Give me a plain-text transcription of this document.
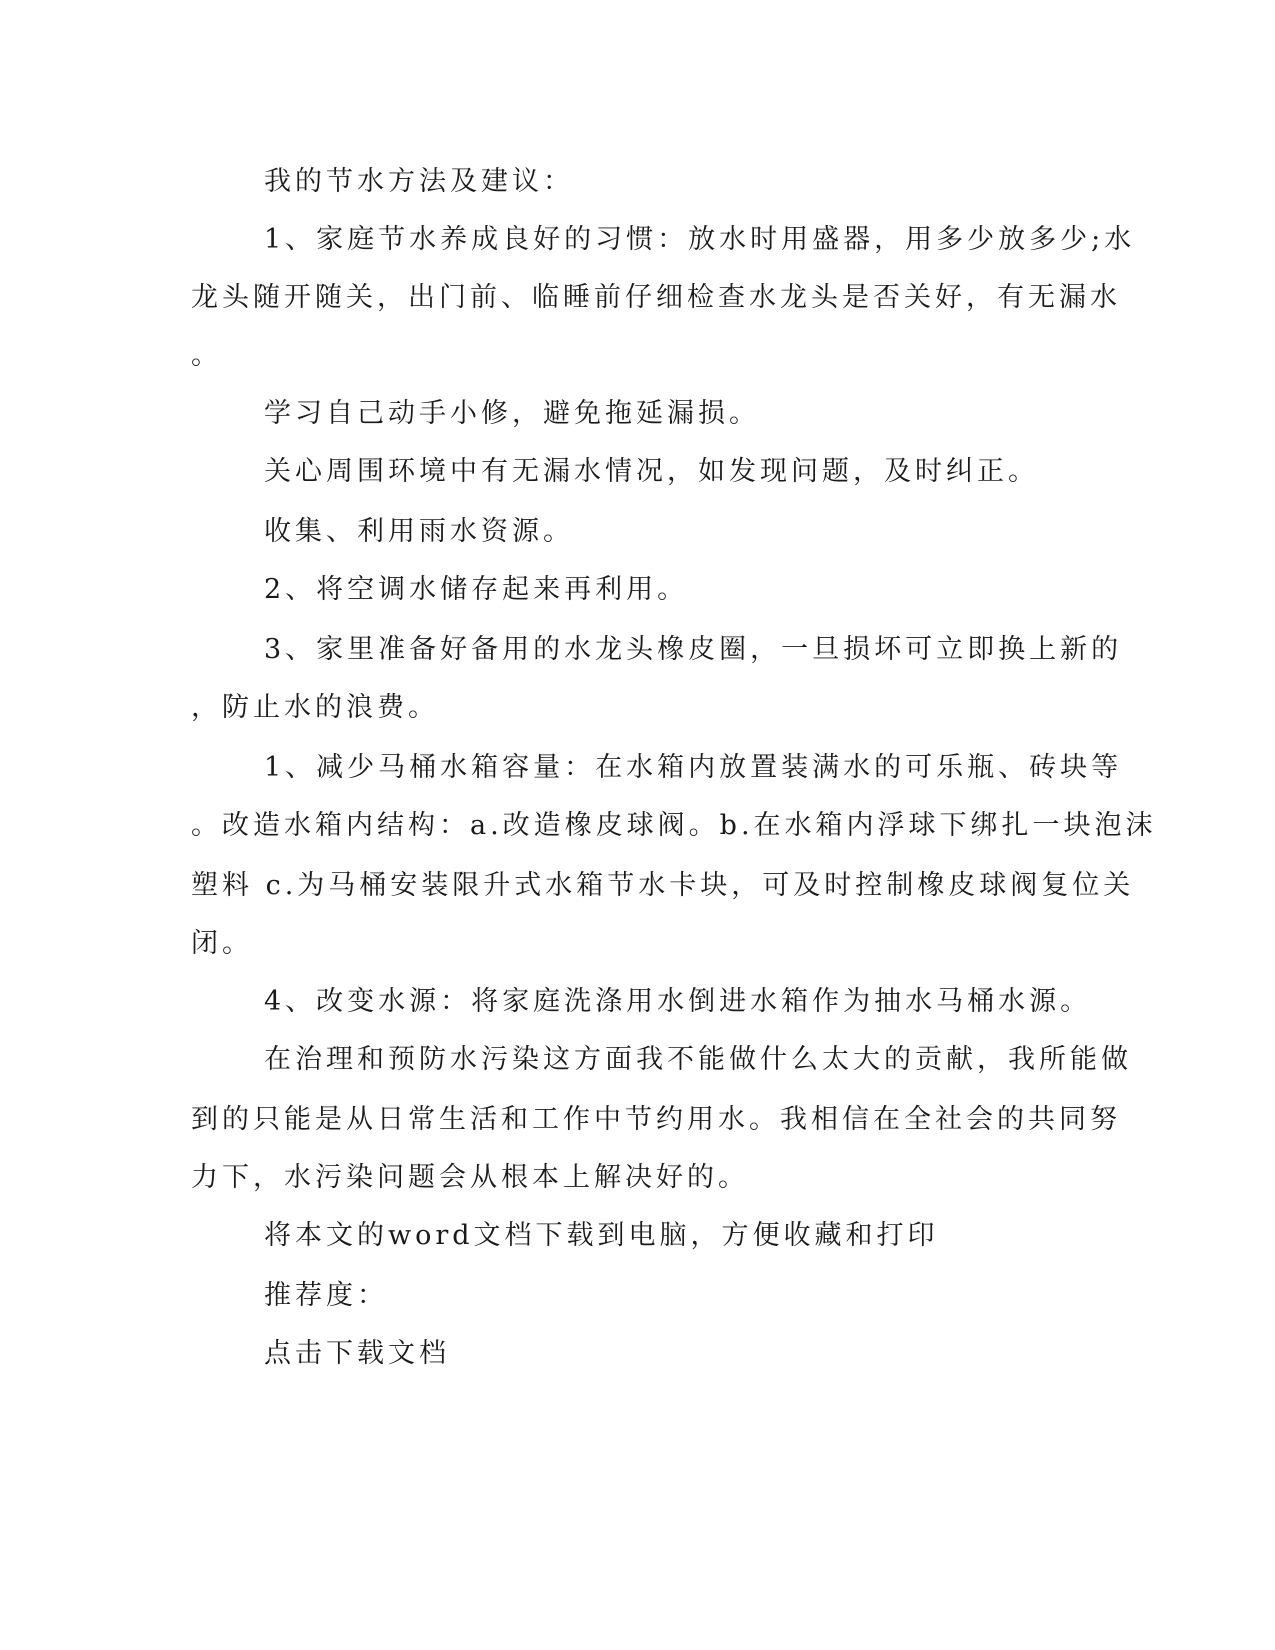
我的节水方法及建议：
1、家庭节水养成良好的习惯：放水时用盛器，用多少放多少;水
龙头随开随关，出门前、临睡前仔细检查水龙头是否关好，有无漏水
。
学习自己动手小修，避免拖延漏损。
关心周围环境中有无漏水情况，如发现问题，及时纠正。
收集、利用雨水资源。
2、将空调水储存起来再利用。
3、家里准备好备用的水龙头橡皮圈，一旦损坏可立即换上新的
，防止水的浪费。
1、减少马桶水箱容量：在水箱内放置装满水的可乐瓶、砖块等
。改造水箱内结构：a.改造橡皮球阀。b.在水箱内浮球下绑扎一块泡沫
塑料 c.为马桶安装限升式水箱节水卡块，可及时控制橡皮球阀复位关
闭。
4、改变水源：将家庭洗涤用水倒进水箱作为抽水马桶水源。
在治理和预防水污染这方面我不能做什么太大的贡献，我所能做
到的只能是从日常生活和工作中节约用水。我相信在全社会的共同努
力下，水污染问题会从根本上解决好的。
将本文的word文档下载到电脑，方便收藏和打印
推荐度：
点击下载文档
